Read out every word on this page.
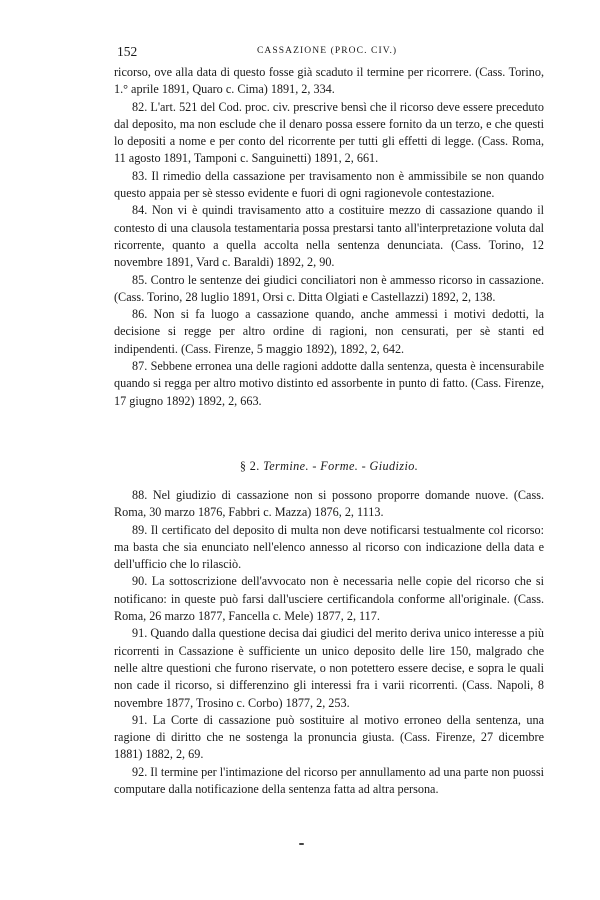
152	CASSAZIONE (PROC. CIV.)

ricorso, ove alla data di questo fosse già scaduto il termine per ricorrere. (Cass. Torino, 1.° aprile 1891, Quaro c. Cima) 1891, 2, 334.

82. L'art. 521 del Cod. proc. civ. prescrive bensì che il ricorso deve essere preceduto dal deposito, ma non esclude che il denaro possa essere fornito da un terzo, e che questi lo depositi a nome e per conto del ricorrente per tutti gli effetti di legge. (Cass. Roma, 11 agosto 1891, Tamponi c. Sanguinetti) 1891, 2, 661.

83. Il rimedio della cassazione per travisamento non è ammissibile se non quando questo appaia per sè stesso evidente e fuori di ogni ragionevole contestazione.

84. Non vi è quindi travisamento atto a costituire mezzo di cassazione quando il contesto di una clausola testamentaria possa prestarsi tanto all'interpretazione voluta dal ricorrente, quanto a quella accolta nella sentenza denunciata. (Cass. Torino, 12 novembre 1891, Vard c. Baraldi) 1892, 2, 90.

85. Contro le sentenze dei giudici conciliatori non è ammesso ricorso in cassazione. (Cass. Torino, 28 luglio 1891, Orsi c. Ditta Olgiati e Castellazzi) 1892, 2, 138.

86. Non si fa luogo a cassazione quando, anche ammessi i motivi dedotti, la decisione si regge per altro ordine di ragioni, non censurati, per sè stanti ed indipendenti. (Cass. Firenze, 5 maggio 1892), 1892, 2, 642.

87. Sebbene erronea una delle ragioni addotte dalla sentenza, questa è incensurabile quando si regga per altro motivo distinto ed assorbente in punto di fatto. (Cass. Firenze, 17 giugno 1892) 1892, 2, 663.

§ 2. Termine. - Forme. - Giudizio.

88. Nel giudizio di cassazione non si possono proporre domande nuove. (Cass. Roma, 30 marzo 1876, Fabbri c. Mazza) 1876, 2, 1113.

89. Il certificato del deposito di multa non deve notificarsi testualmente col ricorso: ma basta che sia enunciato nell'elenco annesso al ricorso con indicazione della data e dell'ufficio che lo rilasciò.

90. La sottoscrizione dell'avvocato non è necessaria nelle copie del ricorso che si notificano: in queste può farsi dall'usciere certificandola conforme all'originale. (Cass. Roma, 26 marzo 1877, Fancella c. Mele) 1877, 2, 117.

91. Quando dalla questione decisa dai giudici del merito deriva unico interesse a più ricorrenti in Cassazione è sufficiente un unico deposito delle lire 150, malgrado che nelle altre questioni che furono riservate, o non potettero essere decise, e sopra le quali non cade il ricorso, si differenzino gli interessi fra i varii ricorrenti. (Cass. Napoli, 8 novembre 1877, Trosino c. Corbo) 1877, 2, 253.

91. La Corte di cassazione può sostituire al motivo erroneo della sentenza, una ragione di diritto che ne sostenga la pronuncia giusta. (Cass. Firenze, 27 dicembre 1881) 1882, 2, 69.

92. Il termine per l'intimazione del ricorso per annullamento ad una parte non puossi computare dalla notificazione della sentenza fatta ad altra persona.
